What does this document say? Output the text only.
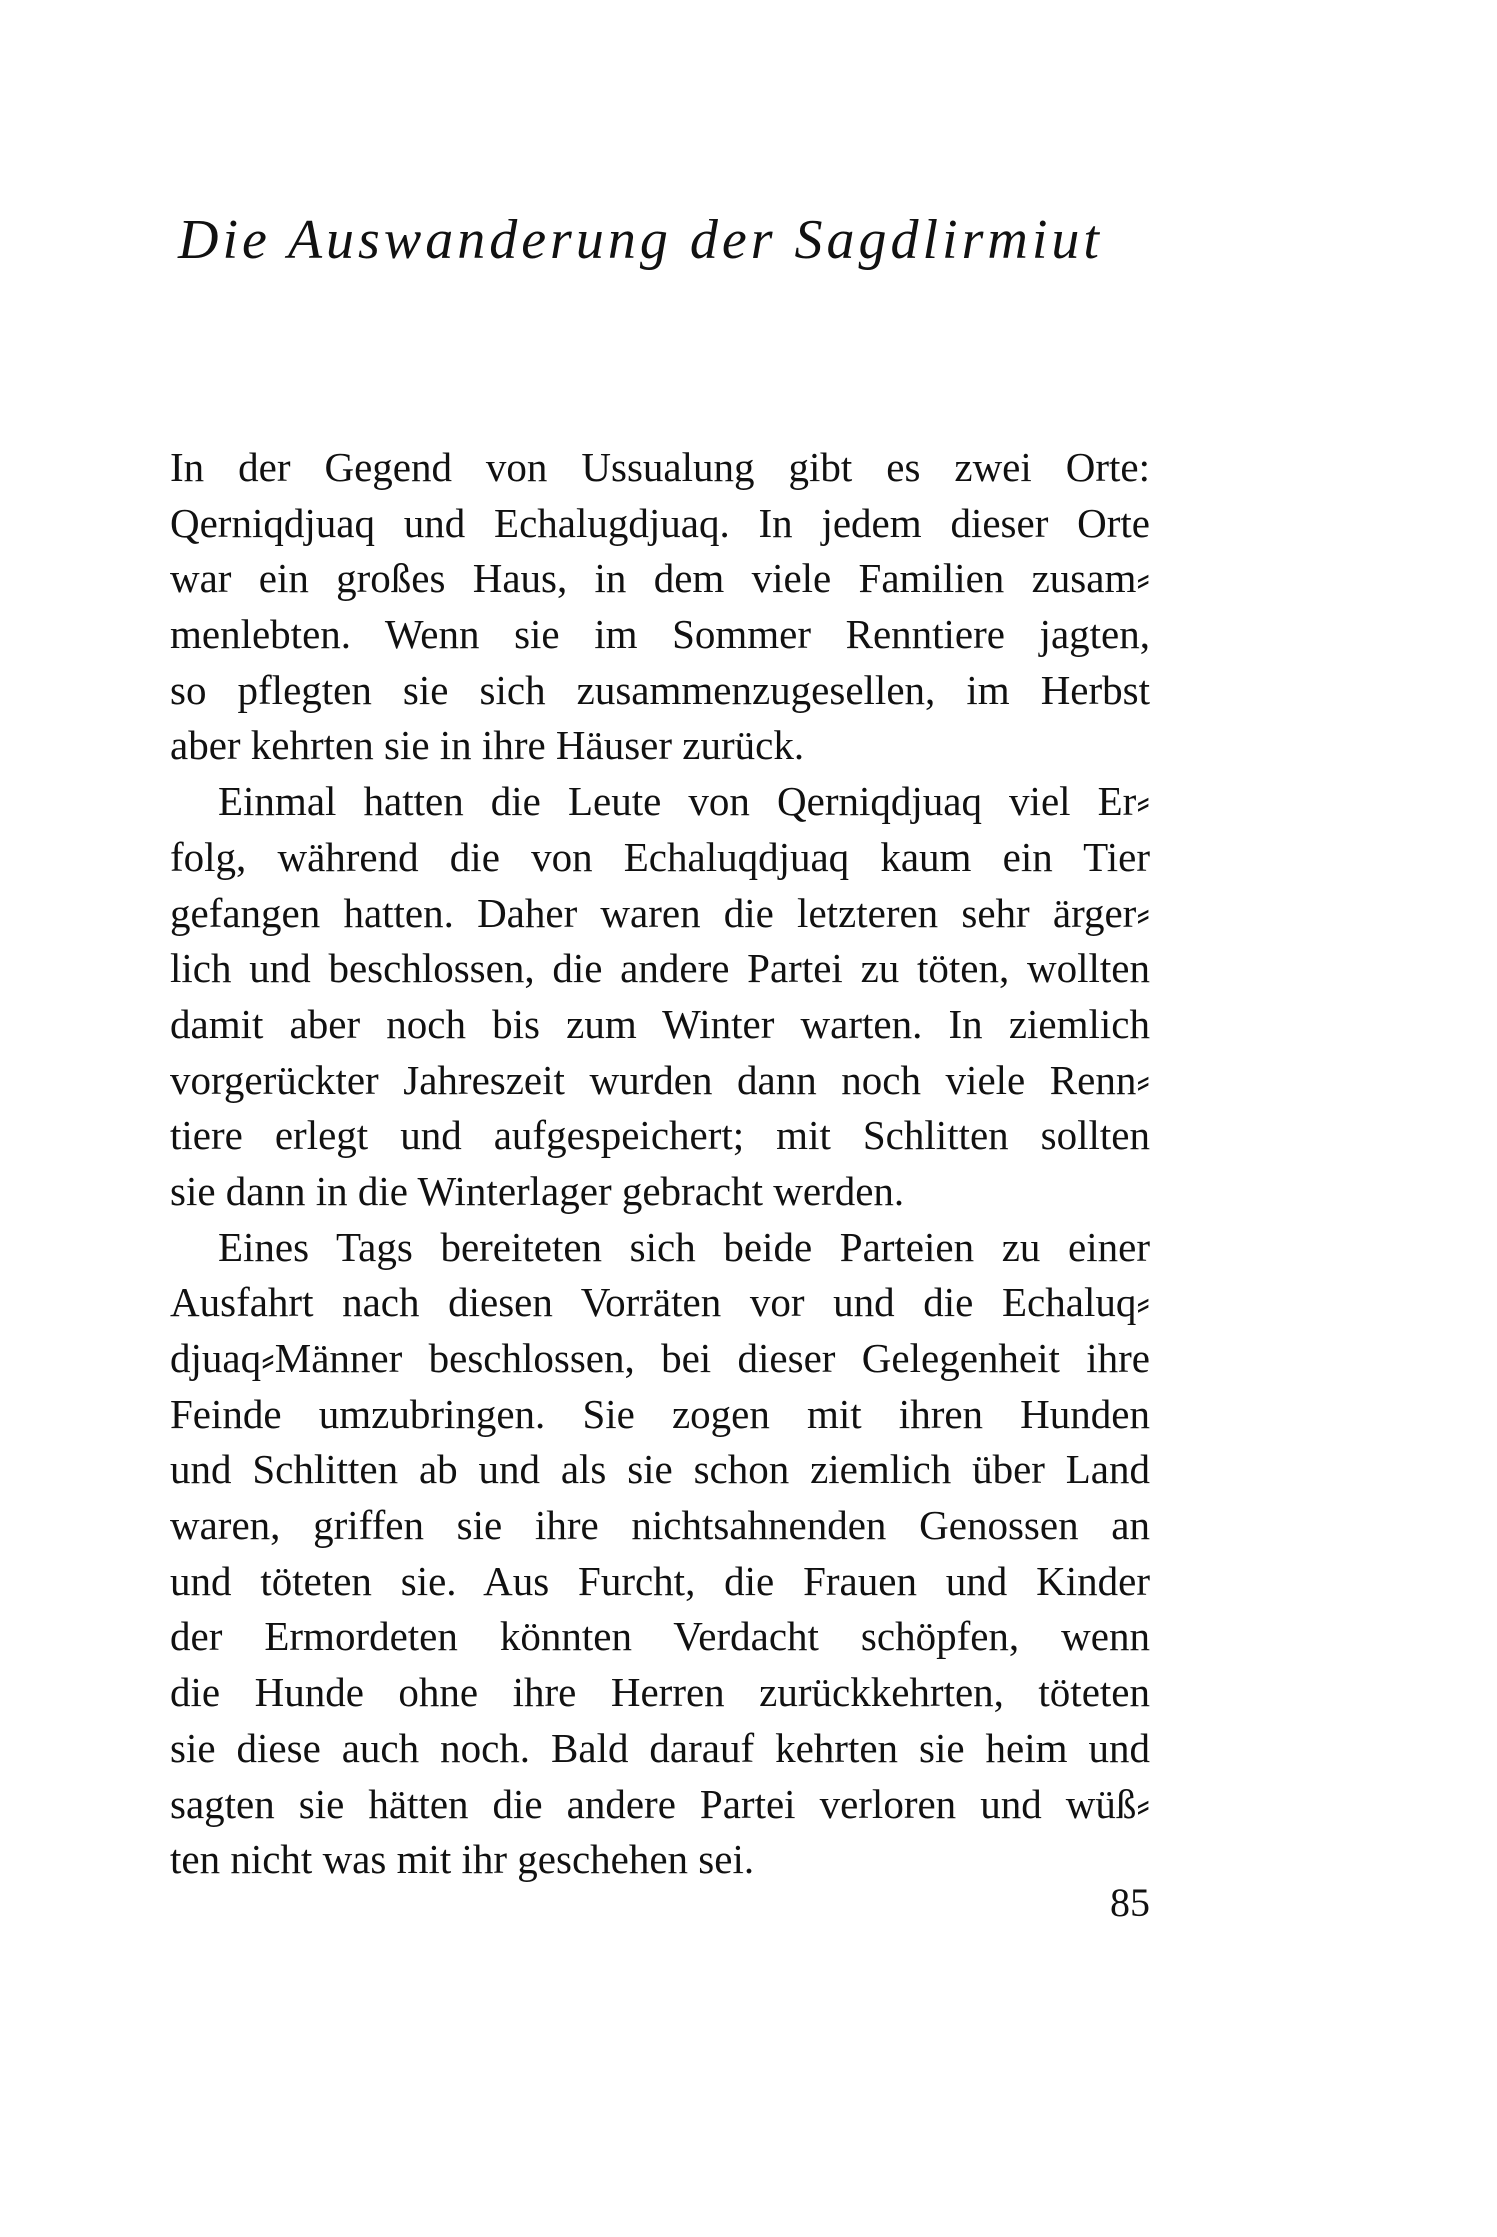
Die Auswanderung der Sagdlirmiut
In der Gegend von Ussualung gibt es zwei Orte:
Qerniqdjuaq und Echalugdjuaq. In jedem dieser Orte
war ein großes Haus, in dem viele Familien zusam⸗
menlebten. Wenn sie im Sommer Renntiere jagten,
so pflegten sie sich zusammenzugesellen, im Herbst
aber kehrten sie in ihre Häuser zurück.
Einmal hatten die Leute von Qerniqdjuaq viel Er⸗
folg, während die von Echaluqdjuaq kaum ein Tier
gefangen hatten. Daher waren die letzteren sehr ärger⸗
lich und beschlossen, die andere Partei zu töten, wollten
damit aber noch bis zum Winter warten. In ziemlich
vorgerückter Jahreszeit wurden dann noch viele Renn⸗
tiere erlegt und aufgespeichert; mit Schlitten sollten
sie dann in die Winterlager gebracht werden.
Eines Tags bereiteten sich beide Parteien zu einer
Ausfahrt nach diesen Vorräten vor und die Echaluq⸗
djuaq⸗Männer beschlossen, bei dieser Gelegenheit ihre
Feinde umzubringen. Sie zogen mit ihren Hunden
und Schlitten ab und als sie schon ziemlich über Land
waren, griffen sie ihre nichtsahnenden Genossen an
und töteten sie. Aus Furcht, die Frauen und Kinder
der Ermordeten könnten Verdacht schöpfen, wenn
die Hunde ohne ihre Herren zurückkehrten, töteten
sie diese auch noch. Bald darauf kehrten sie heim und
sagten sie hätten die andere Partei verloren und wüß⸗
ten nicht was mit ihr geschehen sei.

85
